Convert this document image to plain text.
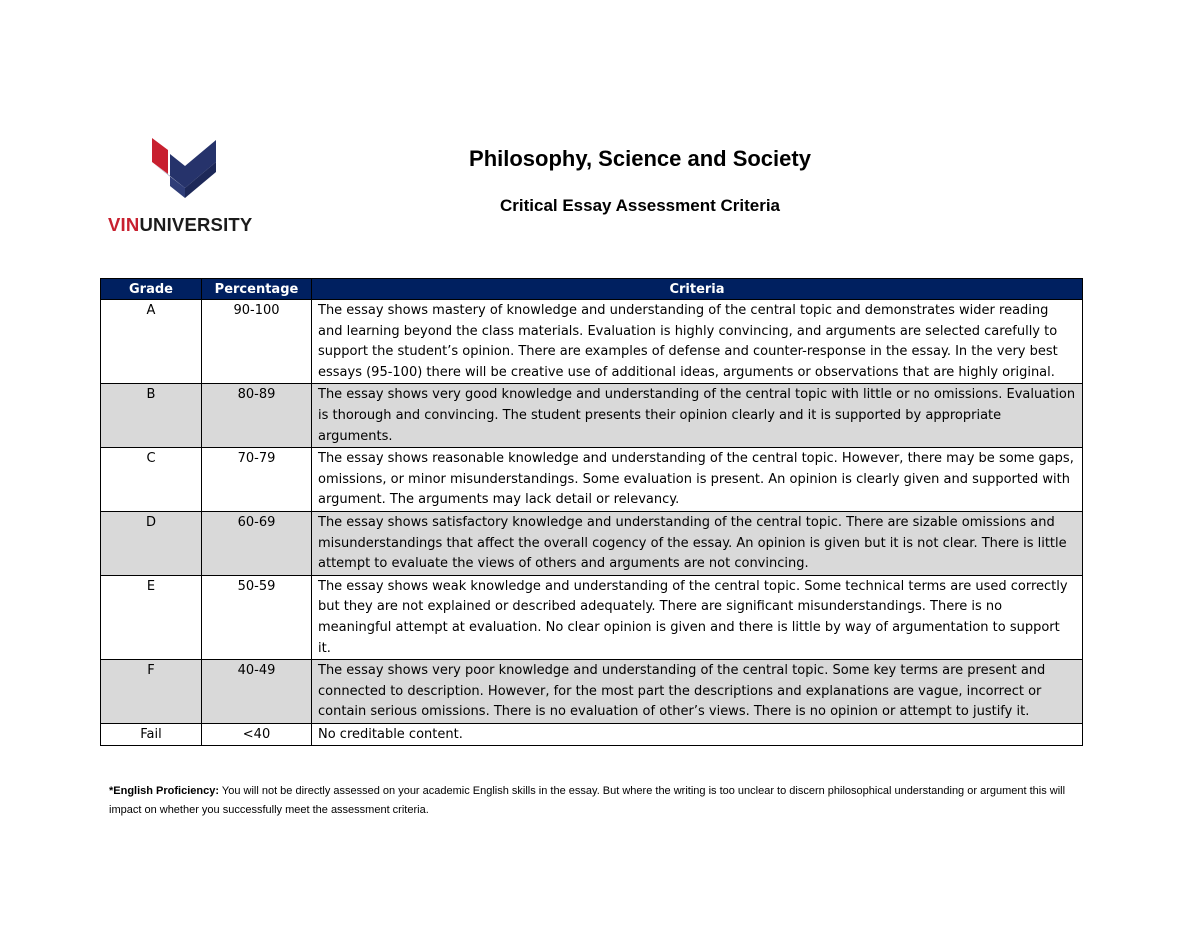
VINUNIVERSITY
Philosophy, Science and Society
Critical Essay Assessment Criteria
Grade	Percentage	Criteria
A	90-100	The essay shows mastery of knowledge and understanding of the central topic and demonstrates wider reading and learning beyond the class materials. Evaluation is highly convincing, and arguments are selected carefully to support the student’s opinion. There are examples of defense and counter-response in the essay. In the very best essays (95-100) there will be creative use of additional ideas, arguments or observations that are highly original.
B	80-89	The essay shows very good knowledge and understanding of the central topic with little or no omissions. Evaluation is thorough and convincing. The student presents their opinion clearly and it is supported by appropriate arguments.
C	70-79	The essay shows reasonable knowledge and understanding of the central topic. However, there may be some gaps, omissions, or minor misunderstandings. Some evaluation is present. An opinion is clearly given and supported with argument. The arguments may lack detail or relevancy.
D	60-69	The essay shows satisfactory knowledge and understanding of the central topic. There are sizable omissions and misunderstandings that affect the overall cogency of the essay. An opinion is given but it is not clear. There is little attempt to evaluate the views of others and arguments are not convincing.
E	50-59	The essay shows weak knowledge and understanding of the central topic. Some technical terms are used correctly but they are not explained or described adequately. There are significant misunderstandings. There is no meaningful attempt at evaluation. No clear opinion is given and there is little by way of argumentation to support it.
F	40-49	The essay shows very poor knowledge and understanding of the central topic. Some key terms are present and connected to description. However, for the most part the descriptions and explanations are vague, incorrect or contain serious omissions. There is no evaluation of other’s views. There is no opinion or attempt to justify it.
Fail	<40	No creditable content.
*English Proficiency: You will not be directly assessed on your academic English skills in the essay. But where the writing is too unclear to discern philosophical understanding or argument this will impact on whether you successfully meet the assessment criteria.
